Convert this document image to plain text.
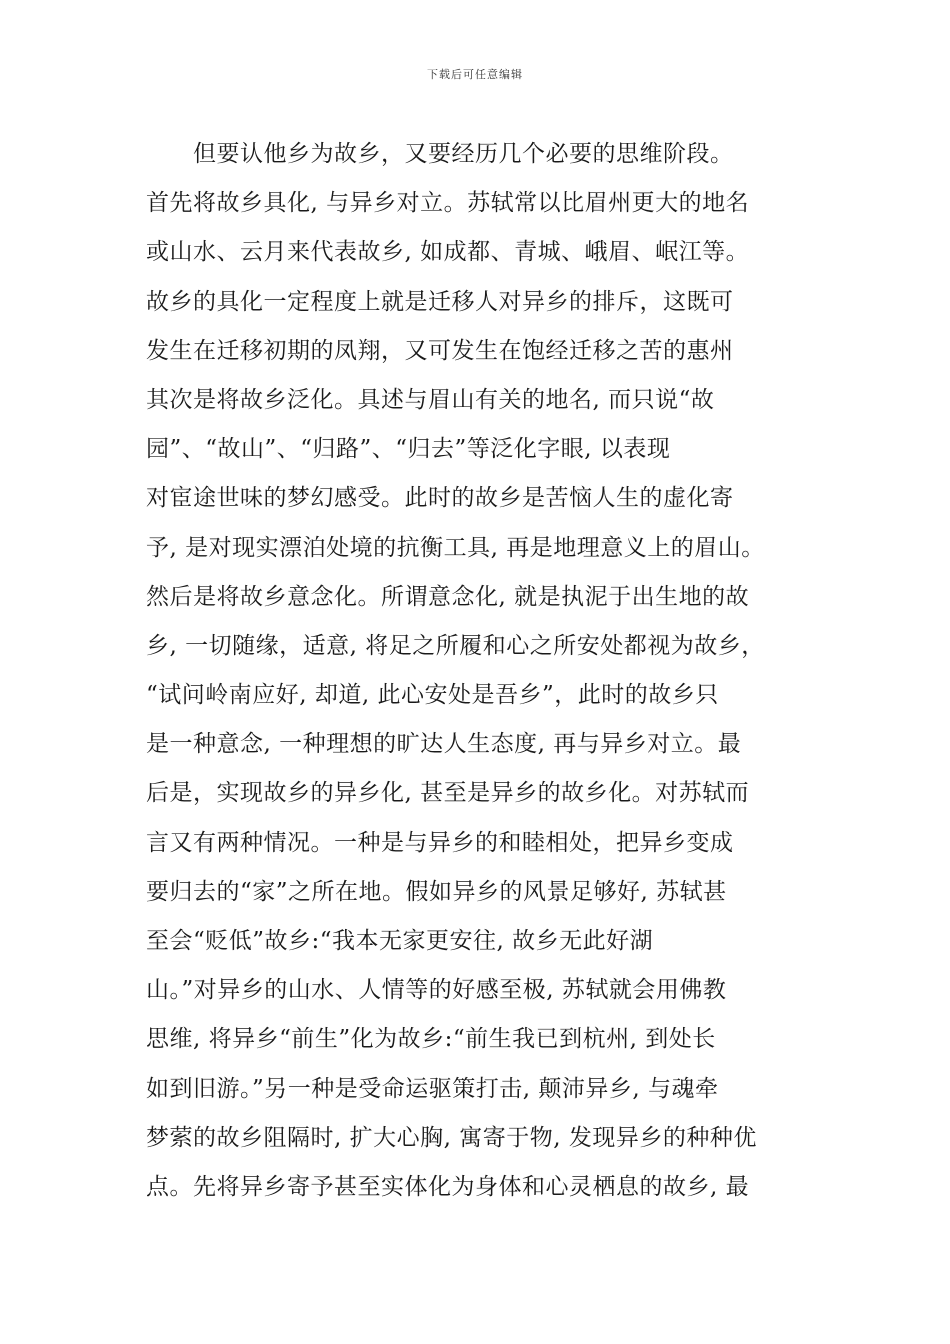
下载后可任意编辑
　　但要认他乡为故乡，又要经历几个必要的思维阶段。
首先将故乡具化, 与异乡对立。苏轼常以比眉州更大的地名
或山水、云月来代表故乡, 如成都、青城、峨眉、岷江等。
故乡的具化一定程度上就是迁移人对异乡的排斥，这既可
发生在迁移初期的凤翔，又可发生在饱经迁移之苦的惠州
其次是将故乡泛化。具述与眉山有关的地名, 而只说“故
园”、“故山”、“归路”、“归去”等泛化字眼, 以表现
对宦途世味的梦幻感受。此时的故乡是苦恼人生的虚化寄
予, 是对现实漂泊处境的抗衡工具, 再是地理意义上的眉山。
然后是将故乡意念化。所谓意念化, 就是执泥于出生地的故
乡, 一切随缘，适意, 将足之所履和心之所安处都视为故乡，
“试问岭南应好, 却道, 此心安处是吾乡”，此时的故乡只
是一种意念, 一种理想的旷达人生态度, 再与异乡对立。最
后是，实现故乡的异乡化, 甚至是异乡的故乡化。对苏轼而
言又有两种情况。一种是与异乡的和睦相处，把异乡变成
要归去的“家”之所在地。假如异乡的风景足够好, 苏轼甚
至会“贬低”故乡:“我本无家更安往, 故乡无此好湖
山。”对异乡的山水、人情等的好感至极, 苏轼就会用佛教
思维, 将异乡“前生”化为故乡:“前生我已到杭州, 到处长
如到旧游。”另一种是受命运驱策打击, 颠沛异乡, 与魂牵
梦萦的故乡阻隔时, 扩大心胸, 寓寄于物, 发现异乡的种种优
点。先将异乡寄予甚至实体化为身体和心灵栖息的故乡, 最
